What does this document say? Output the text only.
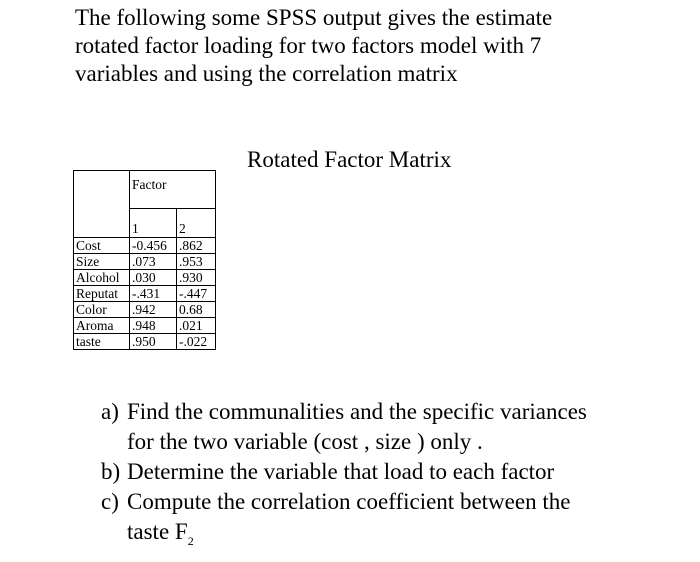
The following some SPSS output gives the estimate
rotated factor loading for two factors model with 7
variables and using the correlation matrix

Rotated Factor Matrix
	Factor	
	1	2
Cost	-0.456	.862
Size	.073	.953
Alcohol	.030	.930
Reputat	-.431	-.447
Color	.942	0.68
Aroma	.948	.021
taste	.950	-.022
a) Find the communalities and the specific variances
for the two variable (cost , size ) only .
b) Determine the variable that load to each factor
c) Compute the correlation coefficient between the
taste $F_2$
